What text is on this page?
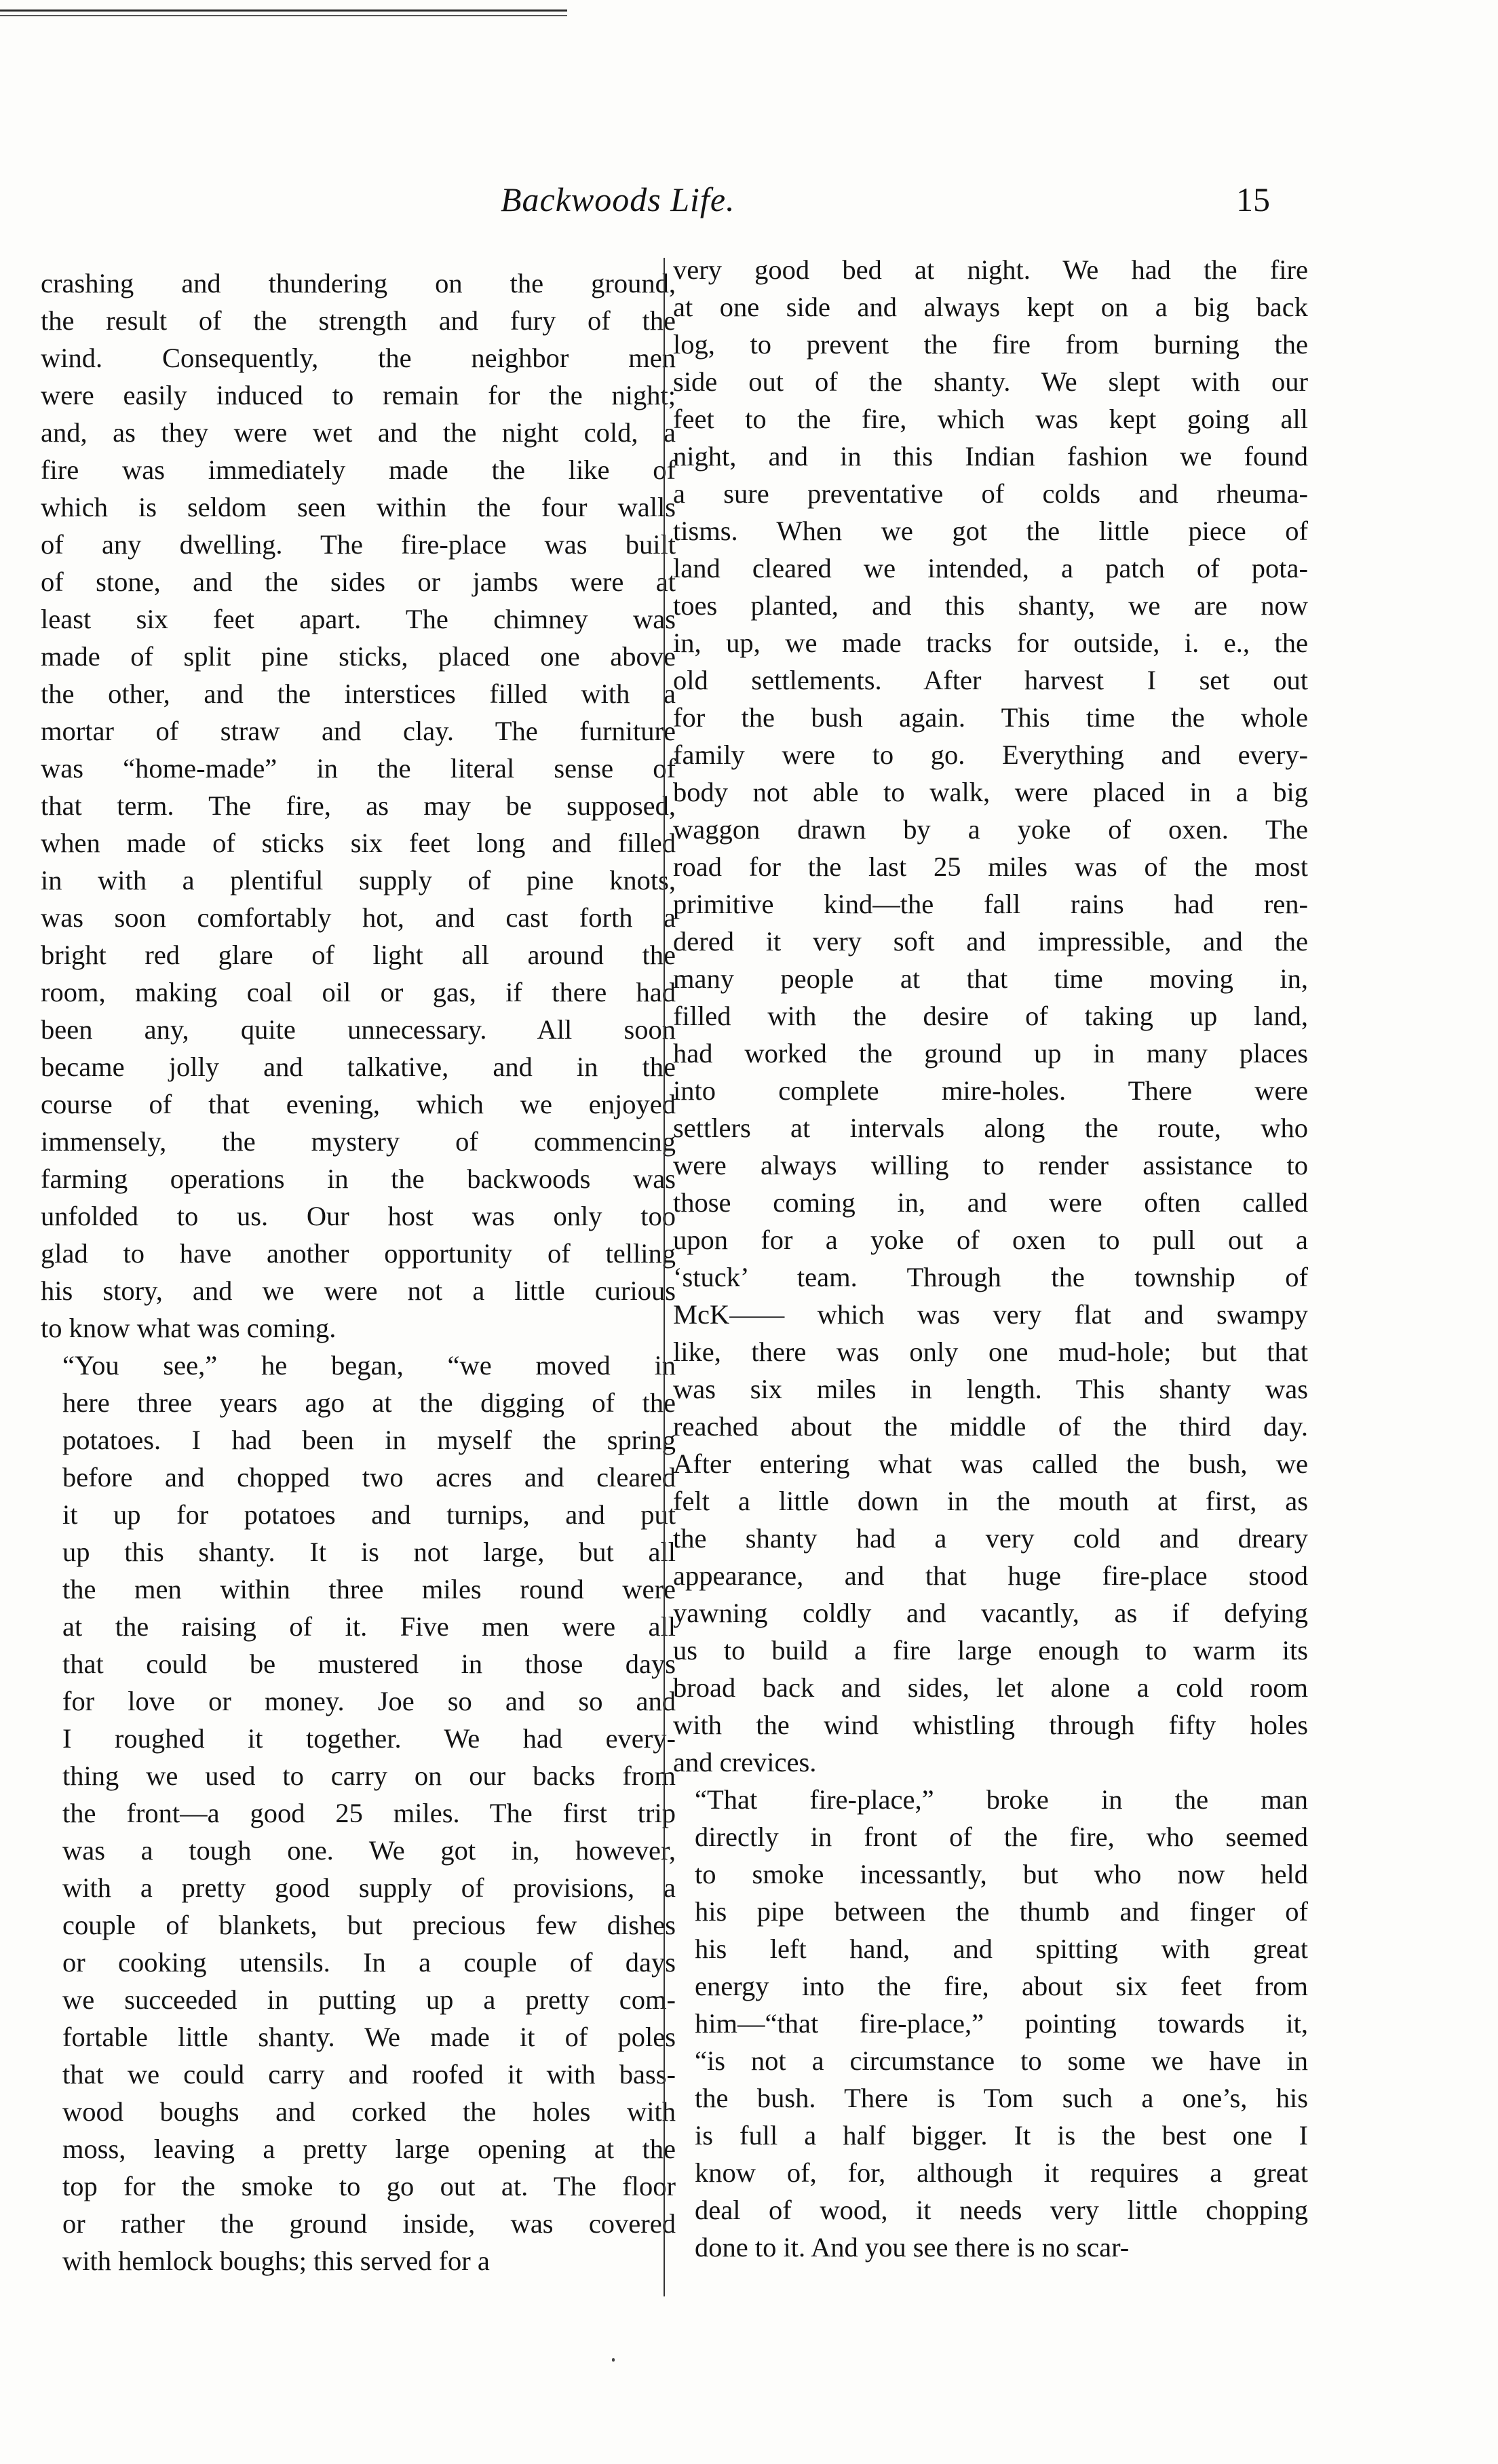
Backwoods Life.	15
crashing and thundering on the ground,
the result of the strength and fury of the
wind. Consequently, the neighbor men
were easily induced to remain for the night;
and, as they were wet and the night cold, a
fire was immediately made the like of
which is seldom seen within the four walls
of any dwelling. The fire-place was built
of stone, and the sides or jambs were at
least six feet apart. The chimney was
made of split pine sticks, placed one above
the other, and the interstices filled with a
mortar of straw and clay. The furniture
was “home-made” in the literal sense of
that term. The fire, as may be supposed,
when made of sticks six feet long and filled
in with a plentiful supply of pine knots,
was soon comfortably hot, and cast forth a
bright red glare of light all around the
room, making coal oil or gas, if there had
been any, quite unnecessary. All soon
became jolly and talkative, and in the
course of that evening, which we enjoyed
immensely, the mystery of commencing
farming operations in the backwoods was
unfolded to us. Our host was only too
glad to have another opportunity of telling
his story, and we were not a little curious
to know what was coming.
“You see,” he began, “we moved in
here three years ago at the digging of the
potatoes. I had been in myself the spring
before and chopped two acres and cleared
it up for potatoes and turnips, and put
up this shanty. It is not large, but all
the men within three miles round were
at the raising of it. Five men were all
that could be mustered in those days
for love or money. Joe so and so and
I roughed it together. We had every-
thing we used to carry on our backs from
the front—a good 25 miles. The first trip
was a tough one. We got in, however,
with a pretty good supply of provisions, a
couple of blankets, but precious few dishes
or cooking utensils. In a couple of days
we succeeded in putting up a pretty com-
fortable little shanty. We made it of poles
that we could carry and roofed it with bass-
wood boughs and corked the holes with
moss, leaving a pretty large opening at the
top for the smoke to go out at. The floor
or rather the ground inside, was covered
with hemlock boughs; this served for a
very good bed at night. We had the fire
at one side and always kept on a big back
log, to prevent the fire from burning the
side out of the shanty. We slept with our
feet to the fire, which was kept going all
night, and in this Indian fashion we found
a sure preventative of colds and rheuma-
tisms. When we got the little piece of
land cleared we intended, a patch of pota-
toes planted, and this shanty, we are now
in, up, we made tracks for outside, i. e., the
old settlements. After harvest I set out
for the bush again. This time the whole
family were to go. Everything and every-
body not able to walk, were placed in a big
waggon drawn by a yoke of oxen. The
road for the last 25 miles was of the most
primitive kind—the fall rains had ren-
dered it very soft and impressible, and the
many people at that time moving in,
filled with the desire of taking up land,
had worked the ground up in many places
into complete mire-holes. There were
settlers at intervals along the route, who
were always willing to render assistance to
those coming in, and were often called
upon for a yoke of oxen to pull out a
‘stuck’ team. Through the township of
McK—— which was very flat and swampy
like, there was only one mud-hole; but that
was six miles in length. This shanty was
reached about the middle of the third day.
After entering what was called the bush, we
felt a little down in the mouth at first, as
the shanty had a very cold and dreary
appearance, and that huge fire-place stood
yawning coldly and vacantly, as if defying
us to build a fire large enough to warm its
broad back and sides, let alone a cold room
with the wind whistling through fifty holes
and crevices.
“That fire-place,” broke in the man
directly in front of the fire, who seemed
to smoke incessantly, but who now held
his pipe between the thumb and finger of
his left hand, and spitting with great
energy into the fire, about six feet from
him—“that fire-place,” pointing towards it,
“is not a circumstance to some we have in
the bush. There is Tom such a one’s, his
is full a half bigger. It is the best one I
know of, for, although it requires a great
deal of wood, it needs very little chopping
done to it. And you see there is no scar-
